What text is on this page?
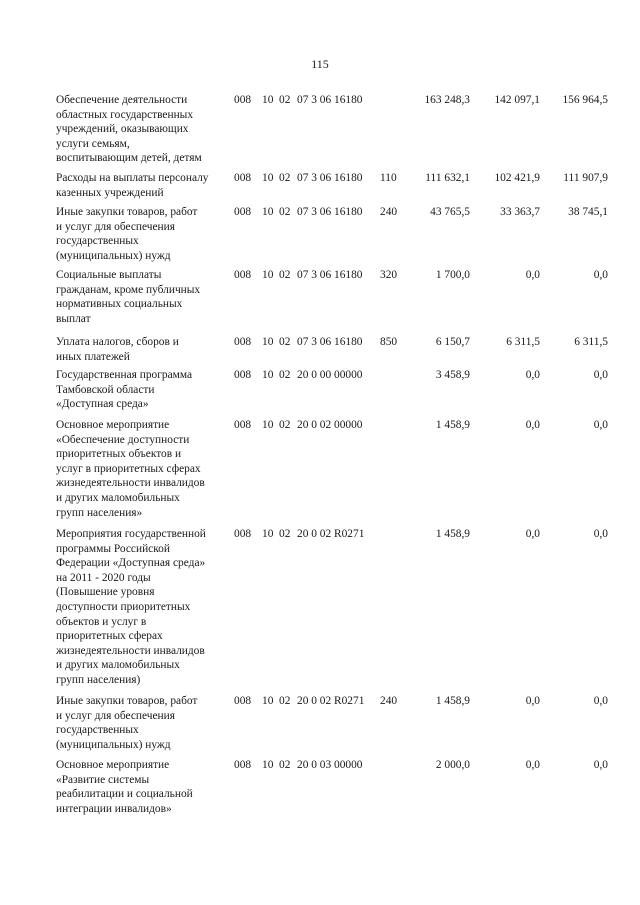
115
Обеспечение деятельности
областных государственных
учреждений, оказывающих
услуги семьям,
воспитывающим детей, детям
008 10 02 07 3 06 16180	163 248,3	142 097,1	156 964,5
Расходы на выплаты персоналу
казенных учреждений
008 10 02 07 3 06 16180 110	111 632,1	102 421,9	111 907,9
Иные закупки товаров, работ
и услуг для обеспечения
государственных
(муниципальных) нужд
008 10 02 07 3 06 16180 240	43 765,5	33 363,7	38 745,1
Социальные выплаты
гражданам, кроме публичных
нормативных социальных
выплат
008 10 02 07 3 06 16180 320	1 700,0	0,0	0,0
Уплата налогов, сборов и
иных платежей
008 10 02 07 3 06 16180 850	6 150,7	6 311,5	6 311,5
Государственная программа
Тамбовской области
«Доступная среда»
008 10 02 20 0 00 00000	3 458,9	0,0	0,0
Основное мероприятие
«Обеспечение доступности
приоритетных объектов и
услуг в приоритетных сферах
жизнедеятельности инвалидов
и других маломобильных
групп населения»
008 10 02 20 0 02 00000	1 458,9	0,0	0,0
Мероприятия государственной
программы Российской
Федерации «Доступная среда»
на 2011 - 2020 годы
(Повышение уровня
доступности приоритетных
объектов и услуг в
приоритетных сферах
жизнедеятельности инвалидов
и других маломобильных
групп населения)
008 10 02 20 0 02 R0271	1 458,9	0,0	0,0
Иные закупки товаров, работ
и услуг для обеспечения
государственных
(муниципальных) нужд
008 10 02 20 0 02 R0271 240	1 458,9	0,0	0,0
Основное мероприятие
«Развитие системы
реабилитации и социальной
интеграции инвалидов»
008 10 02 20 0 03 00000	2 000,0	0,0	0,0
